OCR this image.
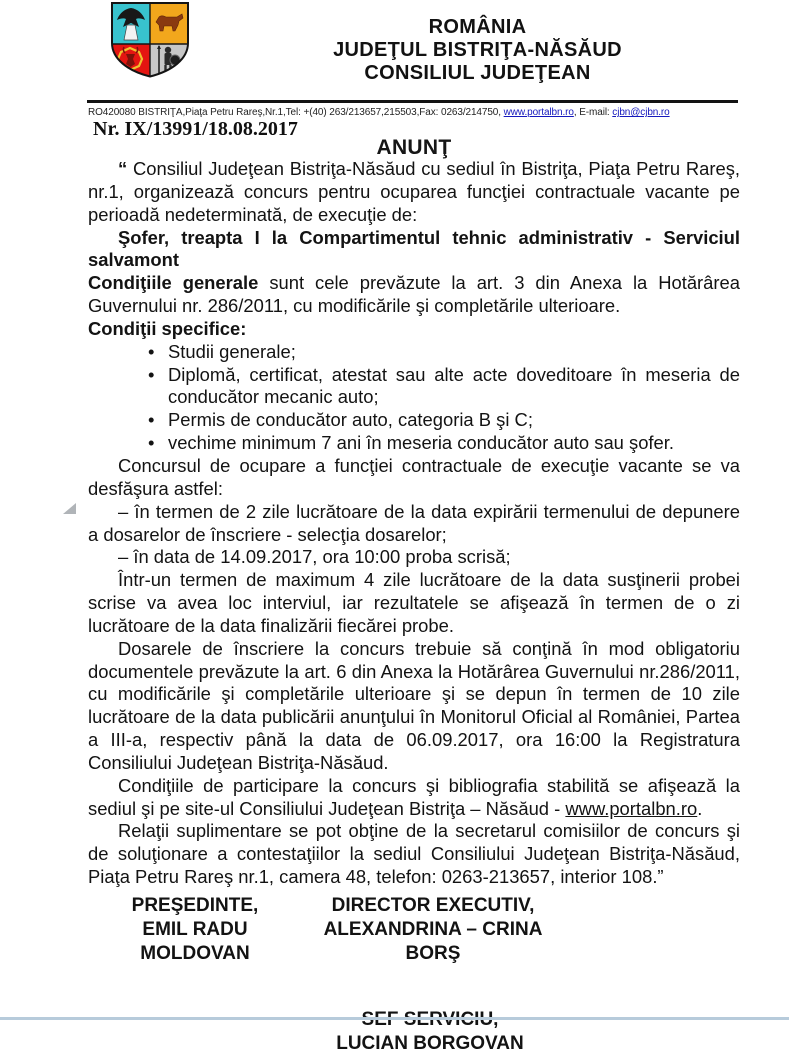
ROMÂNIA
JUDEŢUL BISTRIŢA-NĂSĂUD
CONSILIUL JUDEŢEAN
RO420080 BISTRIŢA,Piaţa Petru Rareş,Nr.1,Tel: +(40) 263/213657,215503,Fax: 0263/214750, www.portalbn.ro, E-mail: cjbn@cjbn.ro
Nr. IX/13991/18.08.2017
ANUNŢ

“ Consiliul Judeţean Bistriţa-Năsăud cu sediul în Bistriţa, Piaţa Petru Rareş, nr.1, organizează concurs pentru ocuparea funcţiei contractuale vacante pe perioadă nedeterminată, de execuţie de:

Şofer, treapta I la Compartimentul tehnic administrativ - Serviciul salvamont

Condiţiile generale sunt cele prevăzute la art. 3 din Anexa la Hotărârea Guvernului nr. 286/2011, cu modificările şi completările ulterioare.

Condiţii specifice:

• Studii generale;
• Diplomă, certificat, atestat sau alte acte doveditoare în meseria de conducător mecanic auto;
• Permis de conducător auto, categoria B şi C;
• vechime minimum 7 ani în meseria conducător auto sau şofer.

Concursul de ocupare a funcţiei contractuale de execuţie vacante se va desfăşura astfel:

– în termen de 2 zile lucrătoare de la data expirării termenului de depunere a dosarelor de înscriere - selecţia dosarelor;

– în data de 14.09.2017, ora 10:00 proba scrisă;

Într-un termen de maximum 4 zile lucrătoare de la data susţinerii probei scrise va avea loc interviul, iar rezultatele se afişează în termen de o zi lucrătoare de la data finalizării fiecărei probe.

Dosarele de înscriere la concurs trebuie să conţină în mod obligatoriu documentele prevăzute la art. 6 din Anexa la Hotărârea Guvernului nr.286/2011, cu modificările şi completările ulterioare şi se depun în termen de 10 zile lucrătoare de la data publicării anunţului în Monitorul Oficial al României, Partea a III-a, respectiv până la data de 06.09.2017, ora 16:00 la Registratura Consiliului Judeţean Bistriţa-Năsăud.

Condiţiile de participare la concurs şi bibliografia stabilită se afişează la sediul şi pe site-ul Consiliului Judeţean Bistriţa – Năsăud - www.portalbn.ro.

Relaţii suplimentare se pot obţine de la secretarul comisiilor de concurs şi de soluţionare a contestaţiilor la sediul Consiliului Judeţean Bistriţa-Năsăud, Piaţa Petru Rareş nr.1, camera 48, telefon: 0263-213657, interior 108.”

PREŞEDINTE,
EMIL RADU MOLDOVAN
DIRECTOR EXECUTIV,
ALEXANDRINA – CRINA BORŞ
LUCIAN BORGOVAN
